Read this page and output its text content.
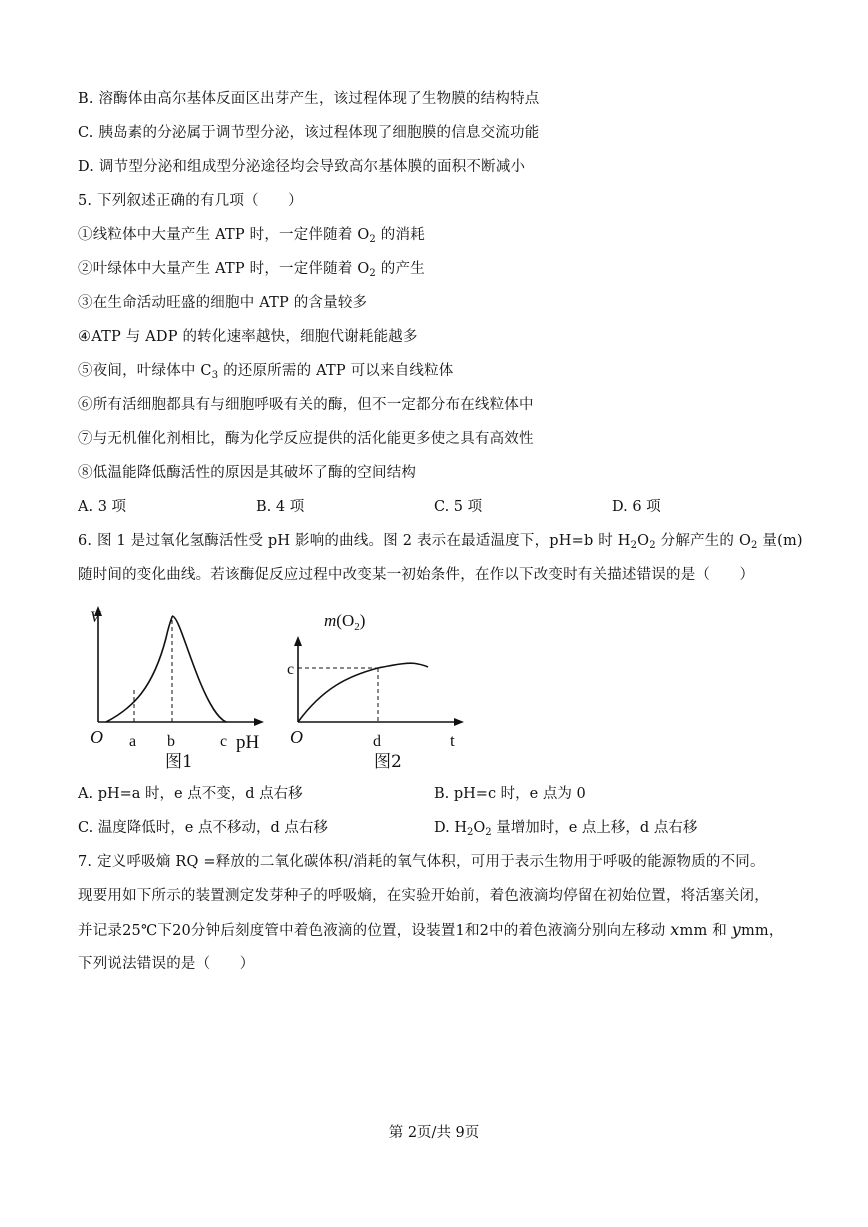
B. 溶酶体由高尔基体反面区出芽产生，该过程体现了生物膜的结构特点
C. 胰岛素的分泌属于调节型分泌，该过程体现了细胞膜的信息交流功能
D. 调节型分泌和组成型分泌途径均会导致高尔基体膜的面积不断减小
5. 下列叙述正确的有几项（　　）
①线粒体中大量产生 ATP 时，一定伴随着 $O_2$ 的消耗
②叶绿体中大量产生 ATP 时，一定伴随着 $O_2$ 的产生
③在生命活动旺盛的细胞中 ATP 的含量较多
④ATP 与 ADP 的转化速率越快，细胞代谢耗能越多
⑤夜间，叶绿体中 $C_3$ 的还原所需的 ATP 可以来自线粒体
⑥所有活细胞都具有与细胞呼吸有关的酶，但不一定都分布在线粒体中
⑦与无机催化剂相比，酶为化学反应提供的活化能更多使之具有高效性
⑧低温能降低酶活性的原因是其破坏了酶的空间结构
A. 3 项	B. 4 项	C. 5 项	D. 6 项
6. 图 1 是过氧化氢酶活性受 pH 影响的曲线。图 2 表示在最适温度下，pH=b 时 $H_2O_2$ 分解产生的 $O_2$ 量(m)
随时间的变化曲线。若该酶促反应过程中改变某一初始条件，在作以下改变时有关描述错误的是（　　）
V
O a b	c pH
图1
$m(O_2)$
c
O	d	t
图2
A. pH=a 时，e 点不变，d 点右移	B. pH=c 时，e 点为 0
C. 温度降低时，e 点不移动，d 点右移	D. $H_2O_2$ 量增加时，e 点上移，d 点右移
7. 定义呼吸熵 RQ =释放的二氧化碳体积/消耗的氧气体积，可用于表示生物用于呼吸的能源物质的不同。
现要用如下所示的装置测定发芽种子的呼吸熵，在实验开始前，着色液滴均停留在初始位置，将活塞关闭，
并记录25℃下20分钟后刻度管中着色液滴的位置，设装置1和2中的着色液滴分别向左移动 xmm 和 ymm，
下列说法错误的是（　　）
第 2页/共 9页
